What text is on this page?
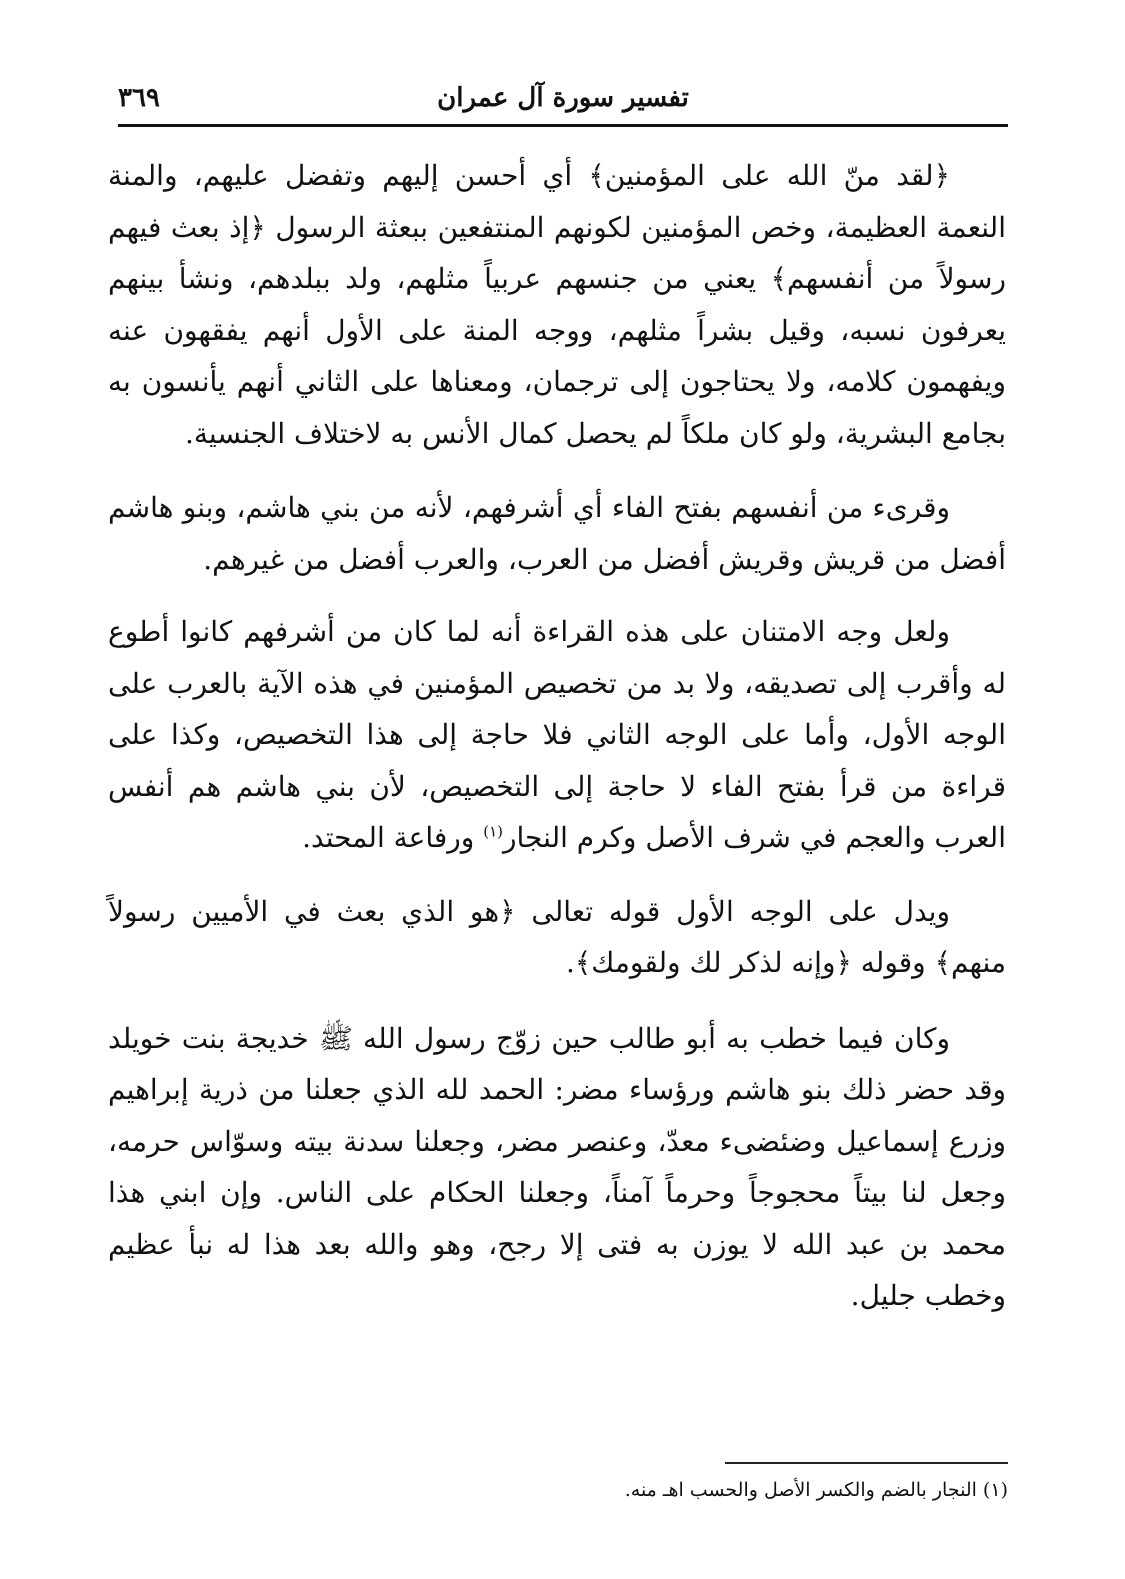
تفسير سورة آل عمران
٣٦٩

﴿لقد منّ الله على المؤمنين﴾ أي أحسن إليهم وتفضل عليهم، والمنة النعمة العظيمة، وخص المؤمنين لكونهم المنتفعين ببعثة الرسول ﴿إذ بعث فيهم رسولاً من أنفسهم﴾ يعني من جنسهم عربياً مثلهم، ولد ببلدهم، ونشأ بينهم يعرفون نسبه، وقيل بشراً مثلهم، ووجه المنة على الأول أنهم يفقهون عنه ويفهمون كلامه، ولا يحتاجون إلى ترجمان، ومعناها على الثاني أنهم يأنسون به بجامع البشرية، ولو كان ملكاً لم يحصل كمال الأنس به لاختلاف الجنسية.

وقرىء من أنفسهم بفتح الفاء أي أشرفهم، لأنه من بني هاشم، وبنو هاشم أفضل من قريش وقريش أفضل من العرب، والعرب أفضل من غيرهم.

ولعل وجه الامتنان على هذه القراءة أنه لما كان من أشرفهم كانوا أطوع له وأقرب إلى تصديقه، ولا بد من تخصيص المؤمنين في هذه الآية بالعرب على الوجه الأول، وأما على الوجه الثاني فلا حاجة إلى هذا التخصيص، وكذا على قراءة من قرأ بفتح الفاء لا حاجة إلى التخصيص، لأن بني هاشم هم أنفس العرب والعجم في شرف الأصل وكرم النجار$^{(١)}$ ورفاعة المحتد.

ويدل على الوجه الأول قوله تعالى ﴿هو الذي بعث في الأميين رسولاً منهم﴾ وقوله ﴿وإنه لذكر لك ولقومك﴾.

وكان فيما خطب به أبو طالب حين زوّج رسول الله ﷺ خديجة بنت خويلد وقد حضر ذلك بنو هاشم ورؤساء مضر: الحمد لله الذي جعلنا من ذرية إبراهيم وزرع إسماعيل وضئضىء معدّ، وعنصر مضر، وجعلنا سدنة بيته وسوّاس حرمه، وجعل لنا بيتاً محجوجاً وحرماً آمناً، وجعلنا الحكام على الناس. وإن ابني هذا محمد بن عبد الله لا يوزن به فتى إلا رجح، وهو والله بعد هذا له نبأ عظيم وخطب جليل.

(١) النجار بالضم والكسر الأصل والحسب اهـ منه.
